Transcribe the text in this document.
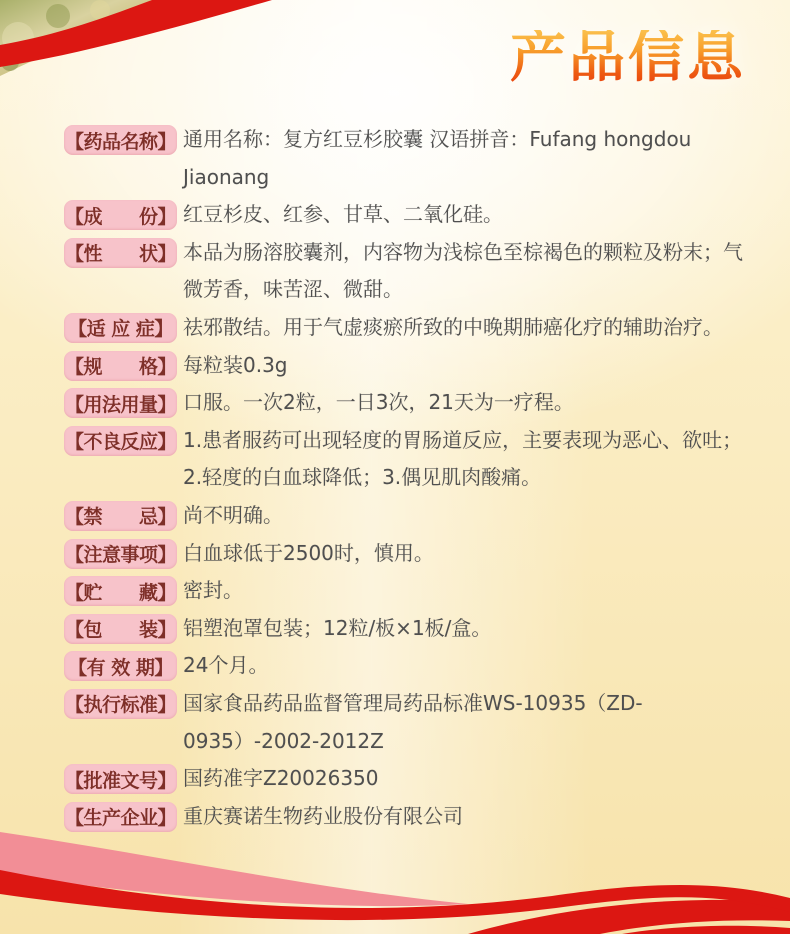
产品信息
【药品名称】 通用名称：复方红豆杉胶囊 汉语拼音：Fufang hongdou Jiaonang
【成　　份】 红豆杉皮、红参、甘草、二氧化硅。
【性　　状】 本品为肠溶胶囊剂，内容物为浅棕色至棕褐色的颗粒及粉末；气微芳香，味苦涩、微甜。
【适 应 症】 祛邪散结。用于气虚痰瘀所致的中晚期肺癌化疗的辅助治疗。
【规　　格】 每粒装0.3g
【用法用量】 口服。一次2粒，一日3次，21天为一疗程。
【不良反应】 1.患者服药可出现轻度的胃肠道反应，主要表现为恶心、欲吐；2.轻度的白血球降低；3.偶见肌肉酸痛。
【禁　　忌】 尚不明确。
【注意事项】 白血球低于2500时，慎用。
【贮　　藏】 密封。
【包　　装】 铝塑泡罩包装；12粒/板×1板/盒。
【有 效 期】 24个月。
【执行标准】 国家食品药品监督管理局药品标准WS-10935（ZD-0935）-2002-2012Z
【批准文号】 国药准字Z20026350
【生产企业】 重庆赛诺生物药业股份有限公司
